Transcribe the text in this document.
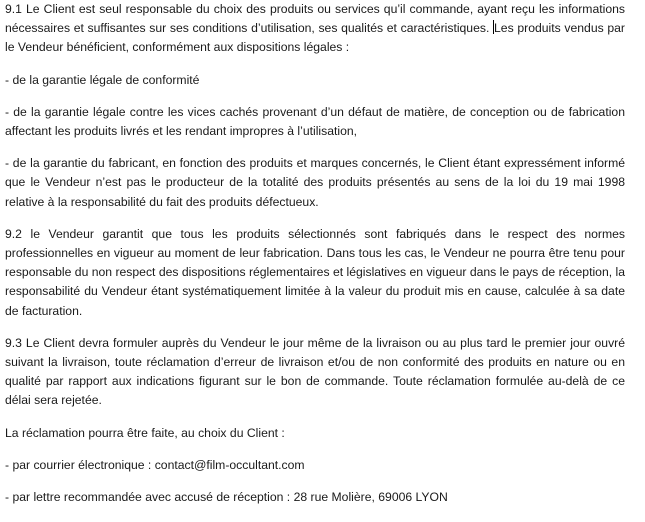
9.1 Le Client est seul responsable du choix des produits ou services qu’il commande, ayant reçu les informations nécessaires et suffisantes sur ses conditions d’utilisation, ses qualités et caractéristiques. Les produits vendus par le Vendeur bénéficient, conformément aux dispositions légales :

- de la garantie légale de conformité

- de la garantie légale contre les vices cachés provenant d’un défaut de matière, de conception ou de fabrication affectant les produits livrés et les rendant impropres à l’utilisation,

- de la garantie du fabricant, en fonction des produits et marques concernés, le Client étant expressément informé que le Vendeur n’est pas le producteur de la totalité des produits présentés au sens de la loi du 19 mai 1998 relative à la responsabilité du fait des produits défectueux.

9.2 le Vendeur garantit que tous les produits sélectionnés sont fabriqués dans le respect des normes professionnelles en vigueur au moment de leur fabrication. Dans tous les cas, le Vendeur ne pourra être tenu pour responsable du non respect des dispositions réglementaires et législatives en vigueur dans le pays de réception, la responsabilité du Vendeur étant systématiquement limitée à la valeur du produit mis en cause, calculée à sa date de facturation.

9.3 Le Client devra formuler auprès du Vendeur le jour même de la livraison ou au plus tard le premier jour ouvré suivant la livraison, toute réclamation d’erreur de livraison et/ou de non conformité des produits en nature ou en qualité par rapport aux indications figurant sur le bon de commande. Toute réclamation formulée au-delà de ce délai sera rejetée.

La réclamation pourra être faite, au choix du Client :

- par courrier électronique : contact@film-occultant.com

- par lettre recommandée avec accusé de réception : 28 rue Molière, 69006 LYON
